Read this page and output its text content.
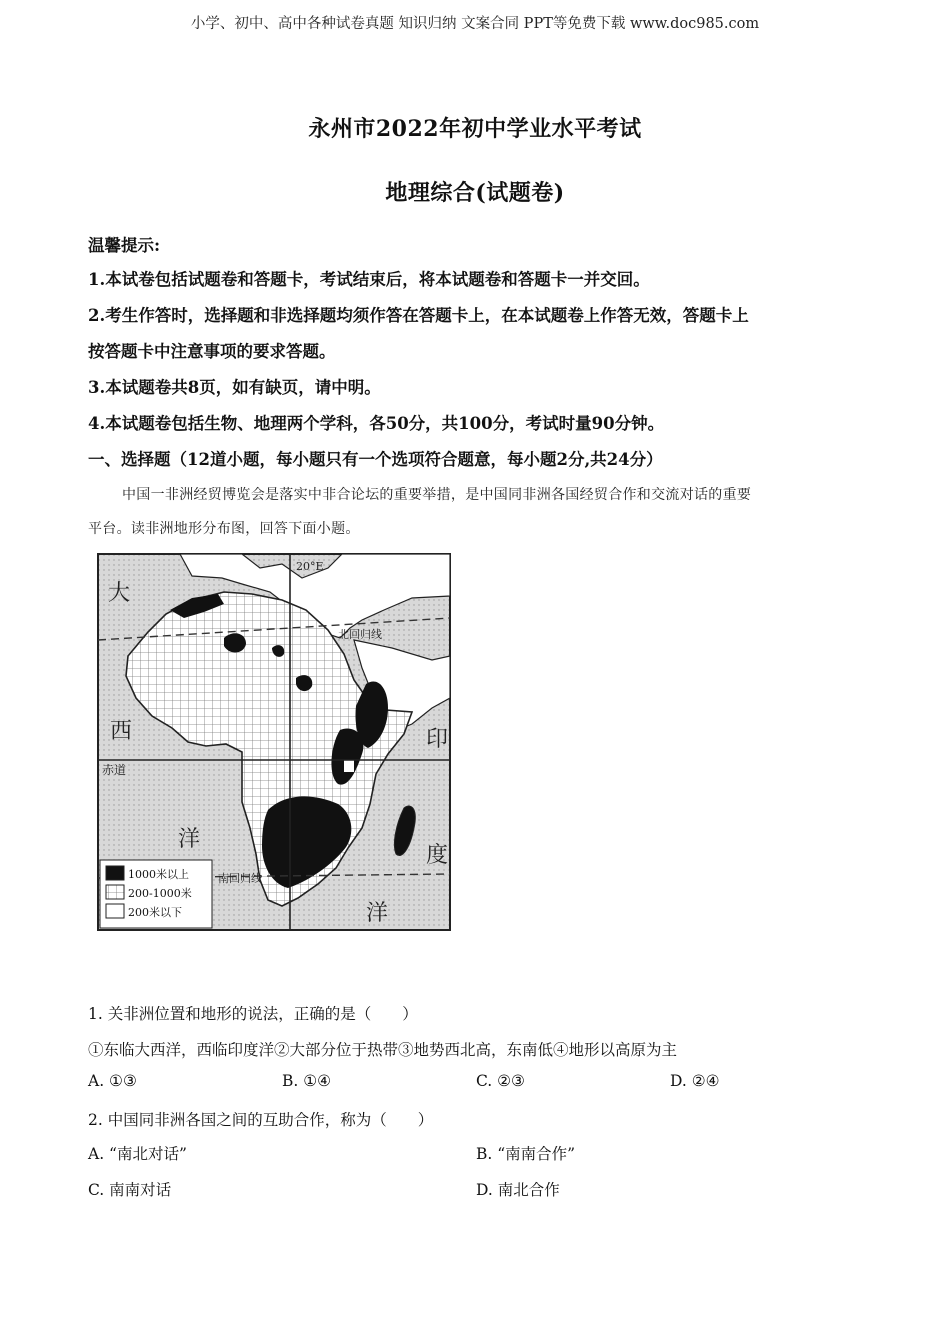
小学、初中、高中各种试卷真题 知识归纳 文案合同 PPT等免费下载 www.doc985.com
永州市2022年初中学业水平考试
地理综合(试题卷)
温馨提示:
1.本试卷包括试题卷和答题卡，考试结束后，将本试题卷和答题卡一并交回。
2.考生作答时，选择题和非选择题均须作答在答题卡上，在本试题卷上作答无效，答题卡上
按答题卡中注意事项的要求答题。
3.本试题卷共8页，如有缺页，请中明。
4.本试题卷包括生物、地理两个学科，各50分，共100分，考试时量90分钟。
一、选择题（12道小题，每小题只有一个选项符合题意，每小题2分,共24分）
中国一非洲经贸博览会是落实中非合论坛的重要举措，是中国同非洲各国经贸合作和交流对话的重要
平台。读非洲地形分布图，回答下面小题。
20°E
大
西
洋
印
度
洋
赤道
北回归线
南回归线
1000米以上
200-1000米
200米以下
1. 关非洲位置和地形的说法，正确的是（　　）
①东临大西洋，西临印度洋②大部分位于热带③地势西北高，东南低④地形以高原为主
A. ①③	B. ①④	C. ②③	D. ②④
2. 中国同非洲各国之间的互助合作，称为（　　）
A. “南北对话”	B. “南南合作”
C. 南南对话	D. 南北合作
